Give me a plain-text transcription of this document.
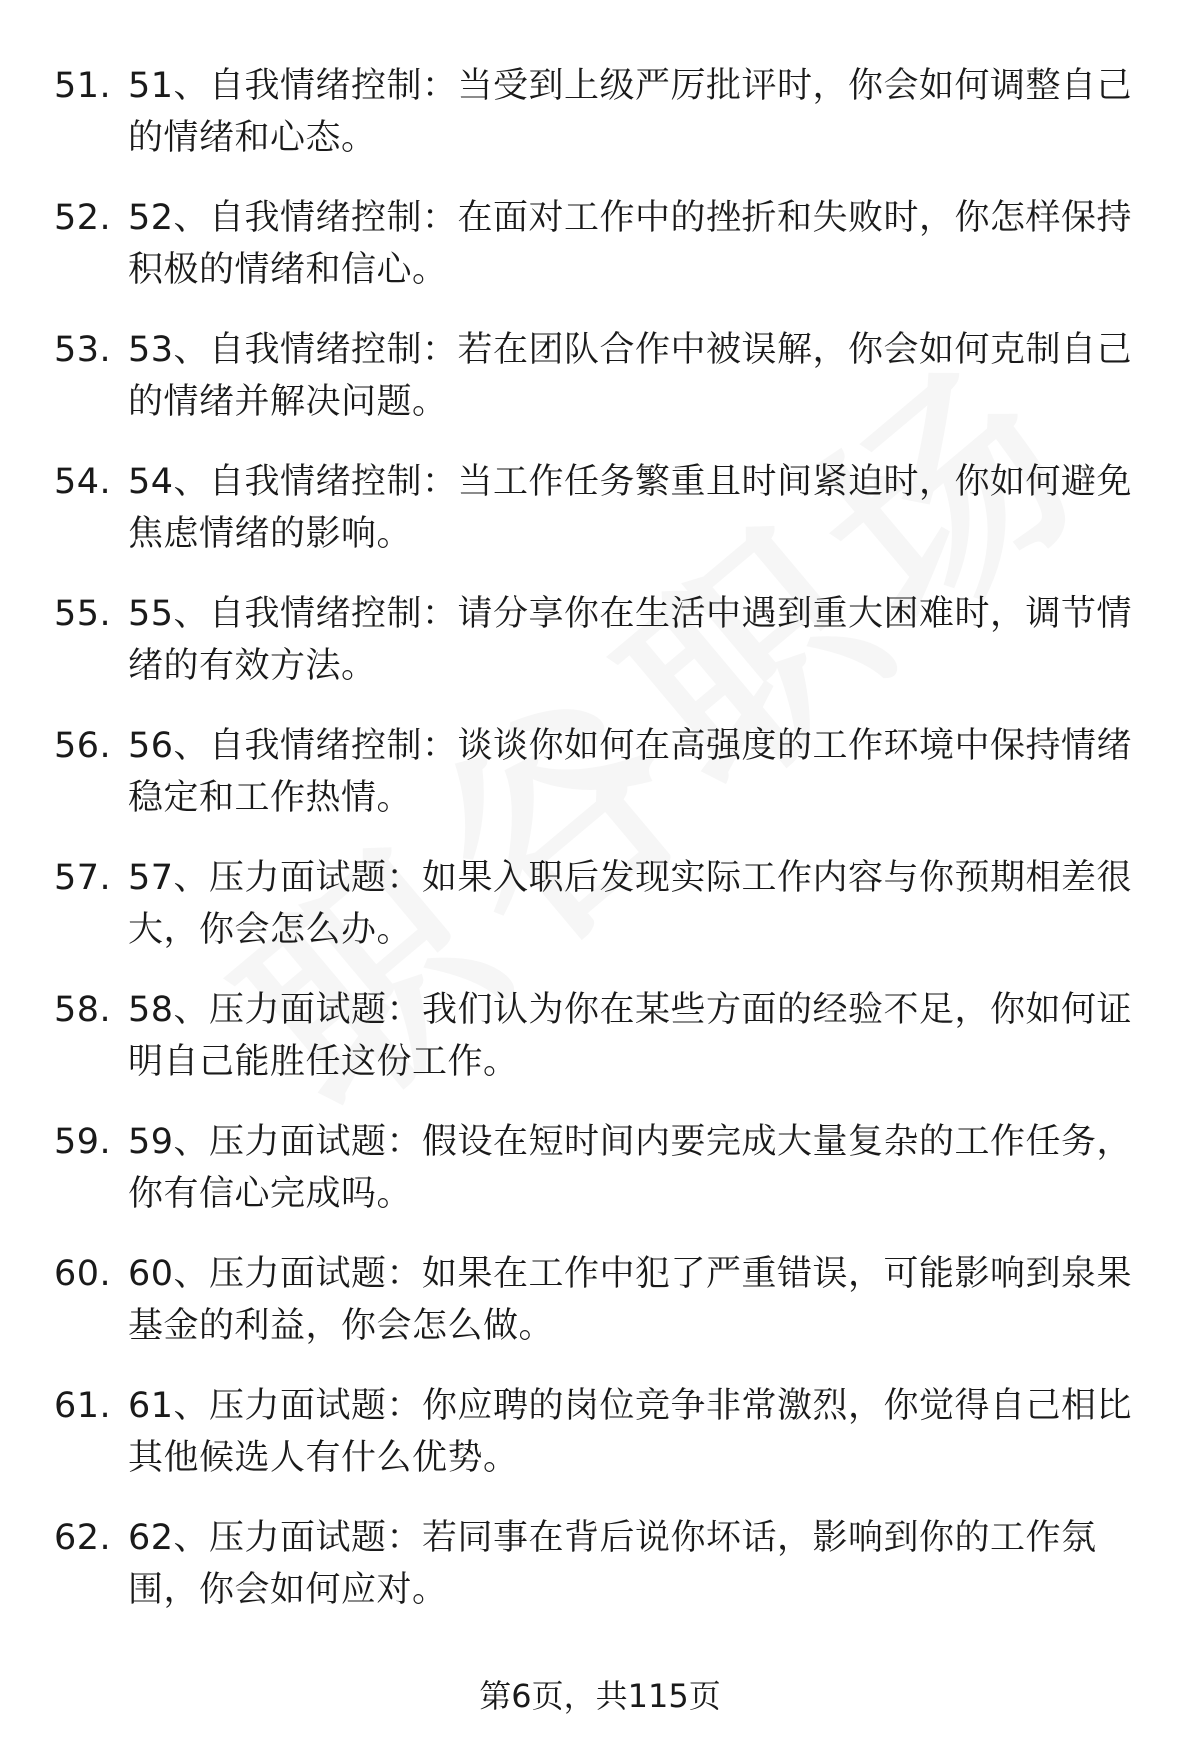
51. 51、自我情绪控制：当受到上级严厉批评时，你会如何调整自己的情绪和心态。
52. 52、自我情绪控制：在面对工作中的挫折和失败时，你怎样保持积极的情绪和信心。
53. 53、自我情绪控制：若在团队合作中被误解，你会如何克制自己的情绪并解决问题。
54. 54、自我情绪控制：当工作任务繁重且时间紧迫时，你如何避免焦虑情绪的影响。
55. 55、自我情绪控制：请分享你在生活中遇到重大困难时，调节情绪的有效方法。
56. 56、自我情绪控制：谈谈你如何在高强度的工作环境中保持情绪稳定和工作热情。
57. 57、压力面试题：如果入职后发现实际工作内容与你预期相差很大，你会怎么办。
58. 58、压力面试题：我们认为你在某些方面的经验不足，你如何证明自己能胜任这份工作。
59. 59、压力面试题：假设在短时间内要完成大量复杂的工作任务，你有信心完成吗。
60. 60、压力面试题：如果在工作中犯了严重错误，可能影响到泉果基金的利益，你会怎么做。
61. 61、压力面试题：你应聘的岗位竞争非常激烈，你觉得自己相比其他候选人有什么优势。
62. 62、压力面试题：若同事在背后说你坏话，影响到你的工作氛围，你会如何应对。
第6页，共115页
